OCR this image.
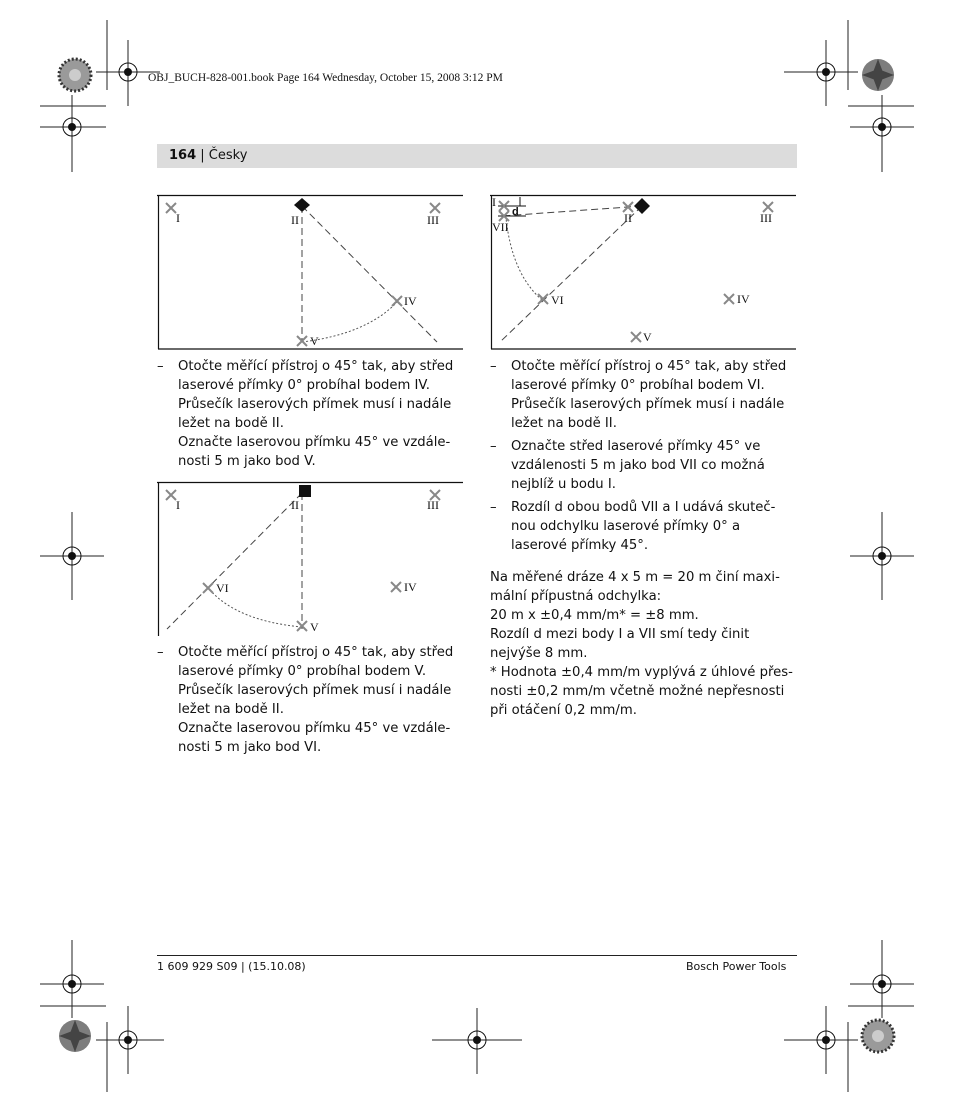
OBJ_BUCH-828-001.book Page 164 Wednesday, October 15, 2008 3:12 PM
164 | Česky
I	II	III
IV
V
I	II	III
VI	IV
V
I
d
VII
II	III
VI	IV
V
– Otočte měřící přístroj o 45° tak, aby střed
laserové přímky 0° probíhal bodem IV.
Průsečík laserových přímek musí i nadále
ležet na bodě II.
Označte laserovou přímku 45° ve vzdále-
nosti 5 m jako bod V.
– Otočte měřící přístroj o 45° tak, aby střed
laserové přímky 0° probíhal bodem V.
Průsečík laserových přímek musí i nadále
ležet na bodě II.
Označte laserovou přímku 45° ve vzdále-
nosti 5 m jako bod VI.
– Otočte měřící přístroj o 45° tak, aby střed
laserové přímky 0° probíhal bodem VI.
Průsečík laserových přímek musí i nadále
ležet na bodě II.
– Označte střed laserové přímky 45° ve
vzdálenosti 5 m jako bod VII co možná
nejblíž u bodu I.
– Rozdíl d obou bodů VII a I udává skuteč-
nou odchylku laserové přímky 0° a
laserové přímky 45°.
Na měřené dráze 4 x 5 m = 20 m činí maxi-
mální přípustná odchylka:
20 m x ±0,4 mm/m* = ±8 mm.
Rozdíl d mezi body I a VII smí tedy činit
nejvýše 8 mm.
* Hodnota ±0,4 mm/m vyplývá z úhlové přes-
nosti ±0,2 mm/m včetně možné nepřesnosti
při otáčení 0,2 mm/m.
1 609 929 S09 | (15.10.08)	Bosch Power Tools
